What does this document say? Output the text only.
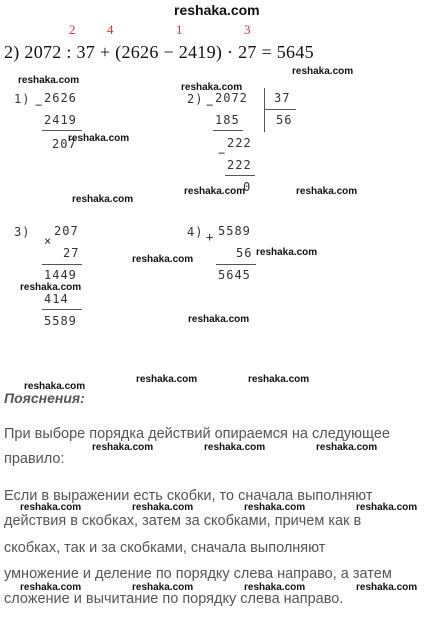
reshaka.com
2 4	1	3
2) 2072 : 37 + (2626 − 2419) · 27 = 5645
1) − 2626
2419
207
2) − 2072 37
56
185
−
222
222
0
3)
×
207
27
1449
414
5589
4) + 5589
56
5645
Пояснения:
При выборе порядка действий опираемся на следующее
правило:
Если в выражении есть скобки, то сначала выполняют
действия в скобках, затем за скобками, причем как в
скобках, так и за скобками, сначала выполняют
умножение и деление по порядку слева направо, а затем
сложение и вычитание по порядку слева направо.
reshaka.com
reshaka.com
reshaka.com
reshaka.com
reshaka.com	reshaka.com
reshaka.com
reshaka.com
reshaka.com
reshaka.com
reshaka.com
reshaka.com	reshaka.com
reshaka.com
reshaka.com	reshaka.com	reshaka.com
reshaka.com	reshaka.com	reshaka.com	reshaka.com
reshaka.com	reshaka.com	reshaka.com	reshaka.com
